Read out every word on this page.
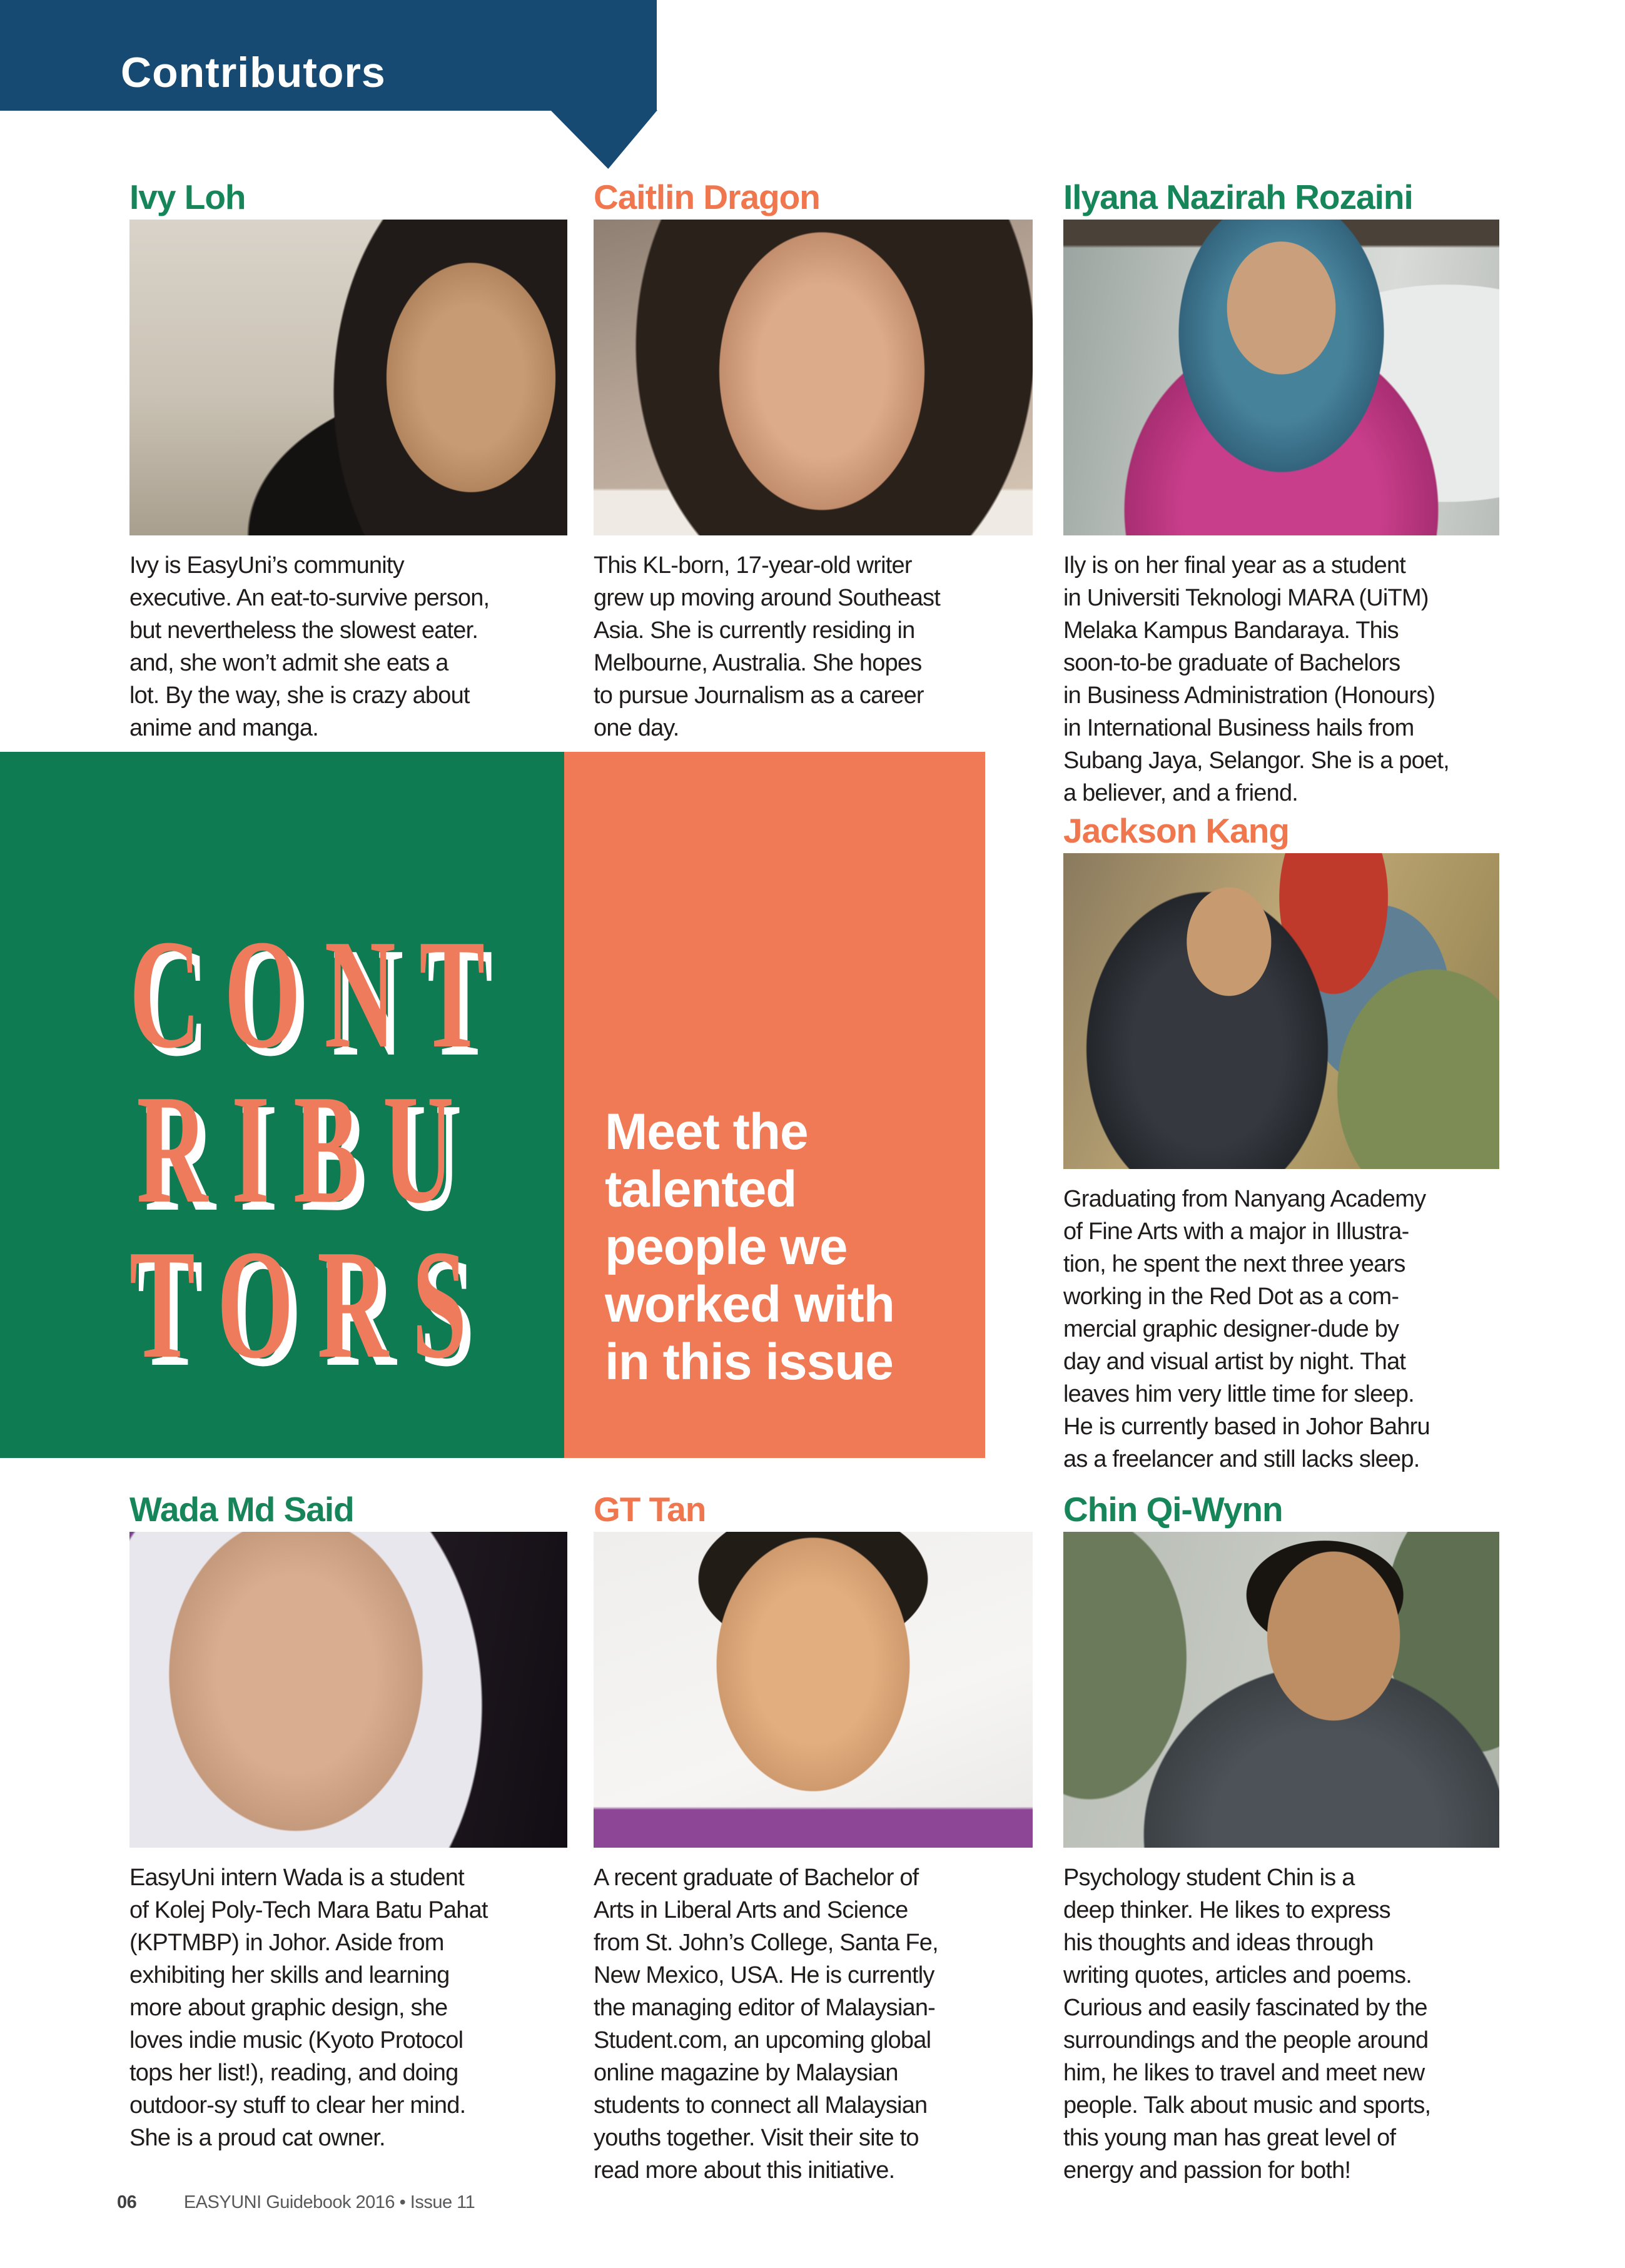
Contributors
Ivy Loh
Ivy is EasyUni’s community
executive. An eat-to-survive person,
but nevertheless the slowest eater.
and, she won’t admit she eats a
lot. By the way, she is crazy about
anime and manga.
Caitlin Dragon
This KL-born, 17-year-old writer
grew up moving around Southeast
Asia. She is currently residing in
Melbourne, Australia. She hopes
to pursue Journalism as a career
one day.
Ilyana Nazirah Rozaini
Ily is on her final year as a student
in Universiti Teknologi MARA (UiTM)
Melaka Kampus Bandaraya. This
soon-to-be graduate of Bachelors
in Business Administration (Honours)
in International Business hails from
Subang Jaya, Selangor. She is a poet,
a believer, and a friend.
Jackson Kang
Graduating from Nanyang Academy
of Fine Arts with a major in Illustra-
tion, he spent the next three years
working in the Red Dot as a com-
mercial graphic designer-dude by
day and visual artist by night. That
leaves him very little time for sleep.
He is currently based in Johor Bahru
as a freelancer and still lacks sleep.
CONT
RIBU
TORS
Meet the
talented
people we
worked with
in this issue
Wada Md Said
EasyUni intern Wada is a student
of Kolej Poly-Tech Mara Batu Pahat
(KPTMBP) in Johor. Aside from
exhibiting her skills and learning
more about graphic design, she
loves indie music (Kyoto Protocol
tops her list!), reading, and doing
outdoor-sy stuff to clear her mind.
She is a proud cat owner.
GT Tan
A recent graduate of Bachelor of
Arts in Liberal Arts and Science
from St. John’s College, Santa Fe,
New Mexico, USA. He is currently
the managing editor of Malaysian-
Student.com, an upcoming global
online magazine by Malaysian
students to connect all Malaysian
youths together. Visit their site to
read more about this initiative.
Chin Qi-Wynn
Psychology student Chin is a
deep thinker. He likes to express
his thoughts and ideas through
writing quotes, articles and poems.
Curious and easily fascinated by the
surroundings and the people around
him, he likes to travel and meet new
people. Talk about music and sports,
this young man has great level of
energy and passion for both!
06	EASYUNI Guidebook 2016 • Issue 11
